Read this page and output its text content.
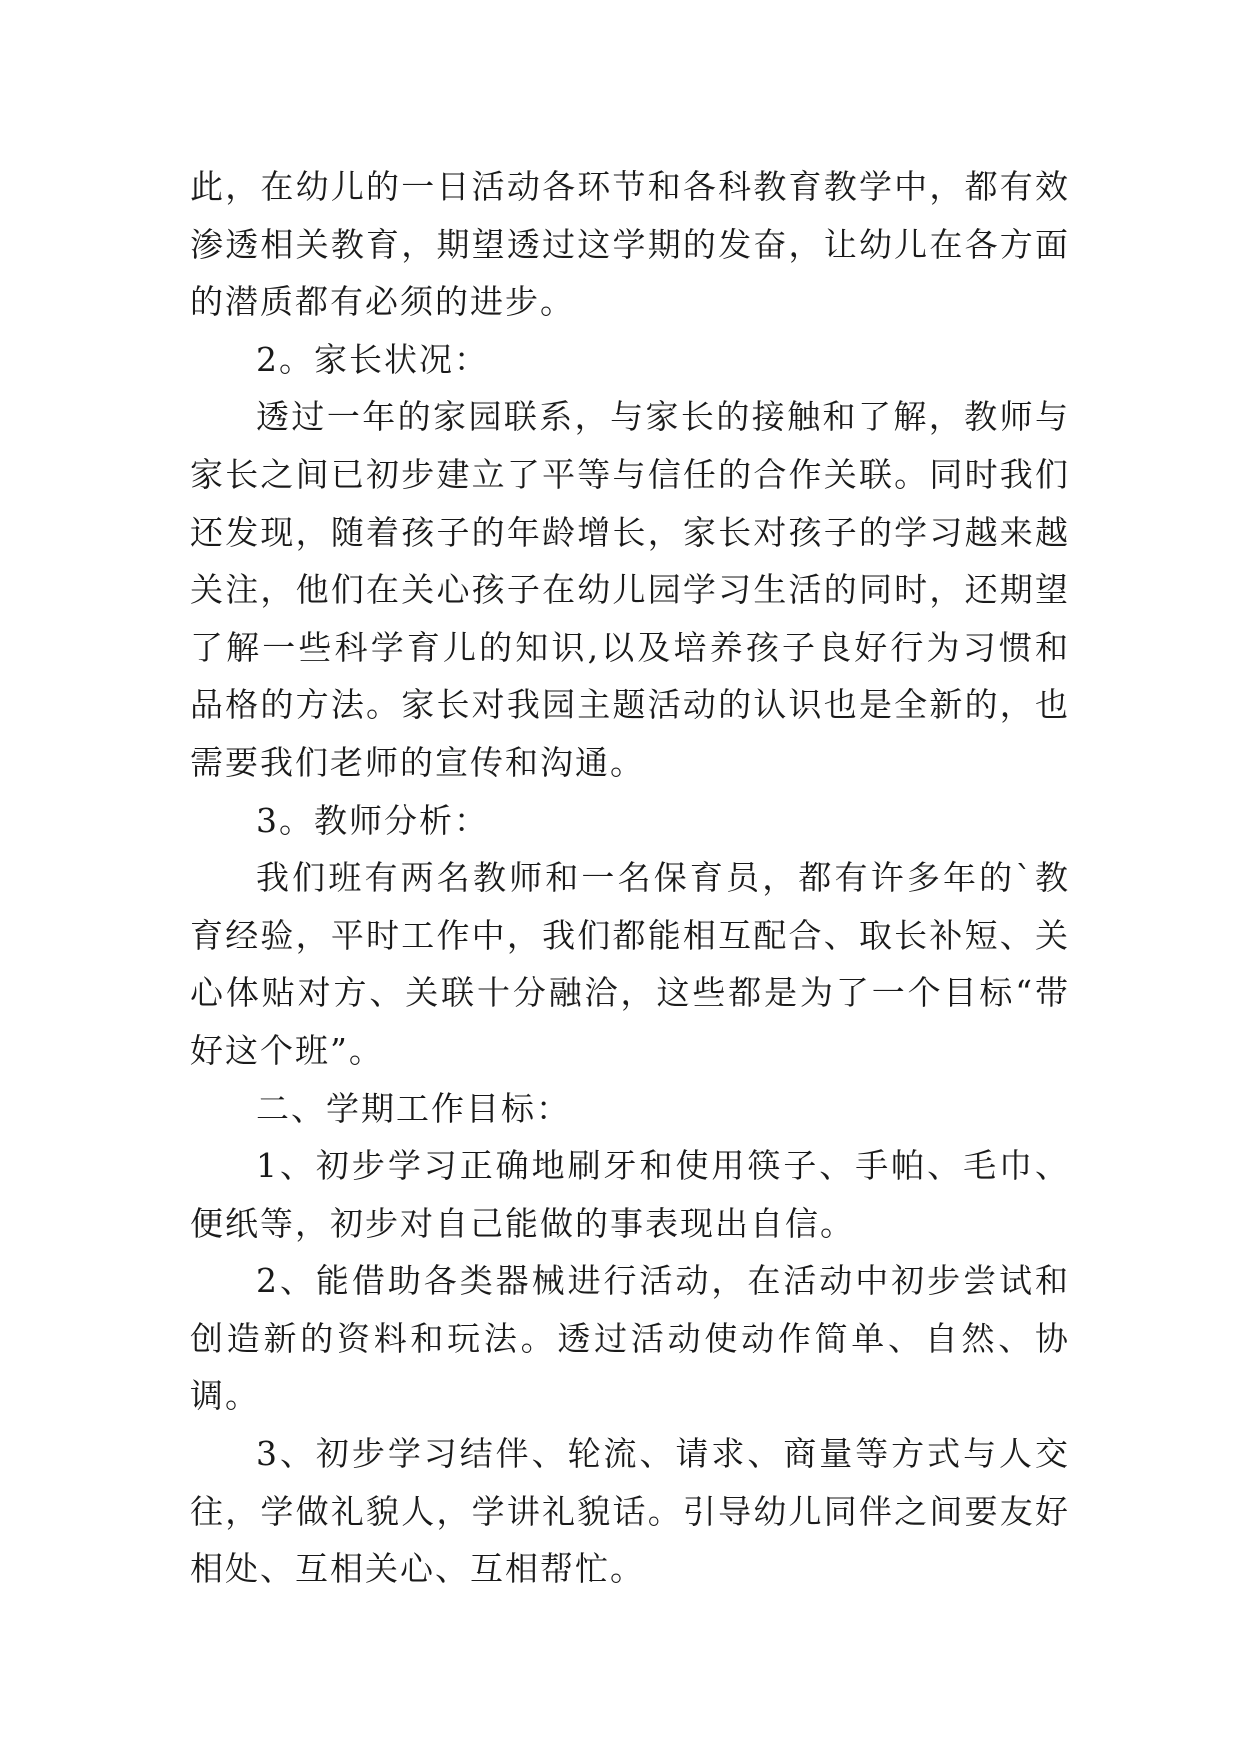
此，在幼儿的一日活动各环节和各科教育教学中，都有效渗透相关教育，期望透过这学期的发奋，让幼儿在各方面的潜质都有必须的进步。

2。家长状况：

透过一年的家园联系，与家长的接触和了解，教师与家长之间已初步建立了平等与信任的合作关联。同时我们还发现，随着孩子的年龄增长，家长对孩子的学习越来越关注，他们在关心孩子在幼儿园学习生活的同时，还期望了解一些科学育儿的知识,以及培养孩子良好行为习惯和品格的方法。家长对我园主题活动的认识也是全新的，也需要我们老师的宣传和沟通。

3。教师分析：

我们班有两名教师和一名保育员，都有许多年的`教育经验，平时工作中，我们都能相互配合、取长补短、关心体贴对方、关联十分融洽，这些都是为了一个目标“带好这个班”。

二、学期工作目标：

1、初步学习正确地刷牙和使用筷子、手帕、毛巾、便纸等，初步对自己能做的事表现出自信。

2、能借助各类器械进行活动，在活动中初步尝试和创造新的资料和玩法。透过活动使动作简单、自然、协调。

3、初步学习结伴、轮流、请求、商量等方式与人交往，学做礼貌人，学讲礼貌话。引导幼儿同伴之间要友好相处、互相关心、互相帮忙。
